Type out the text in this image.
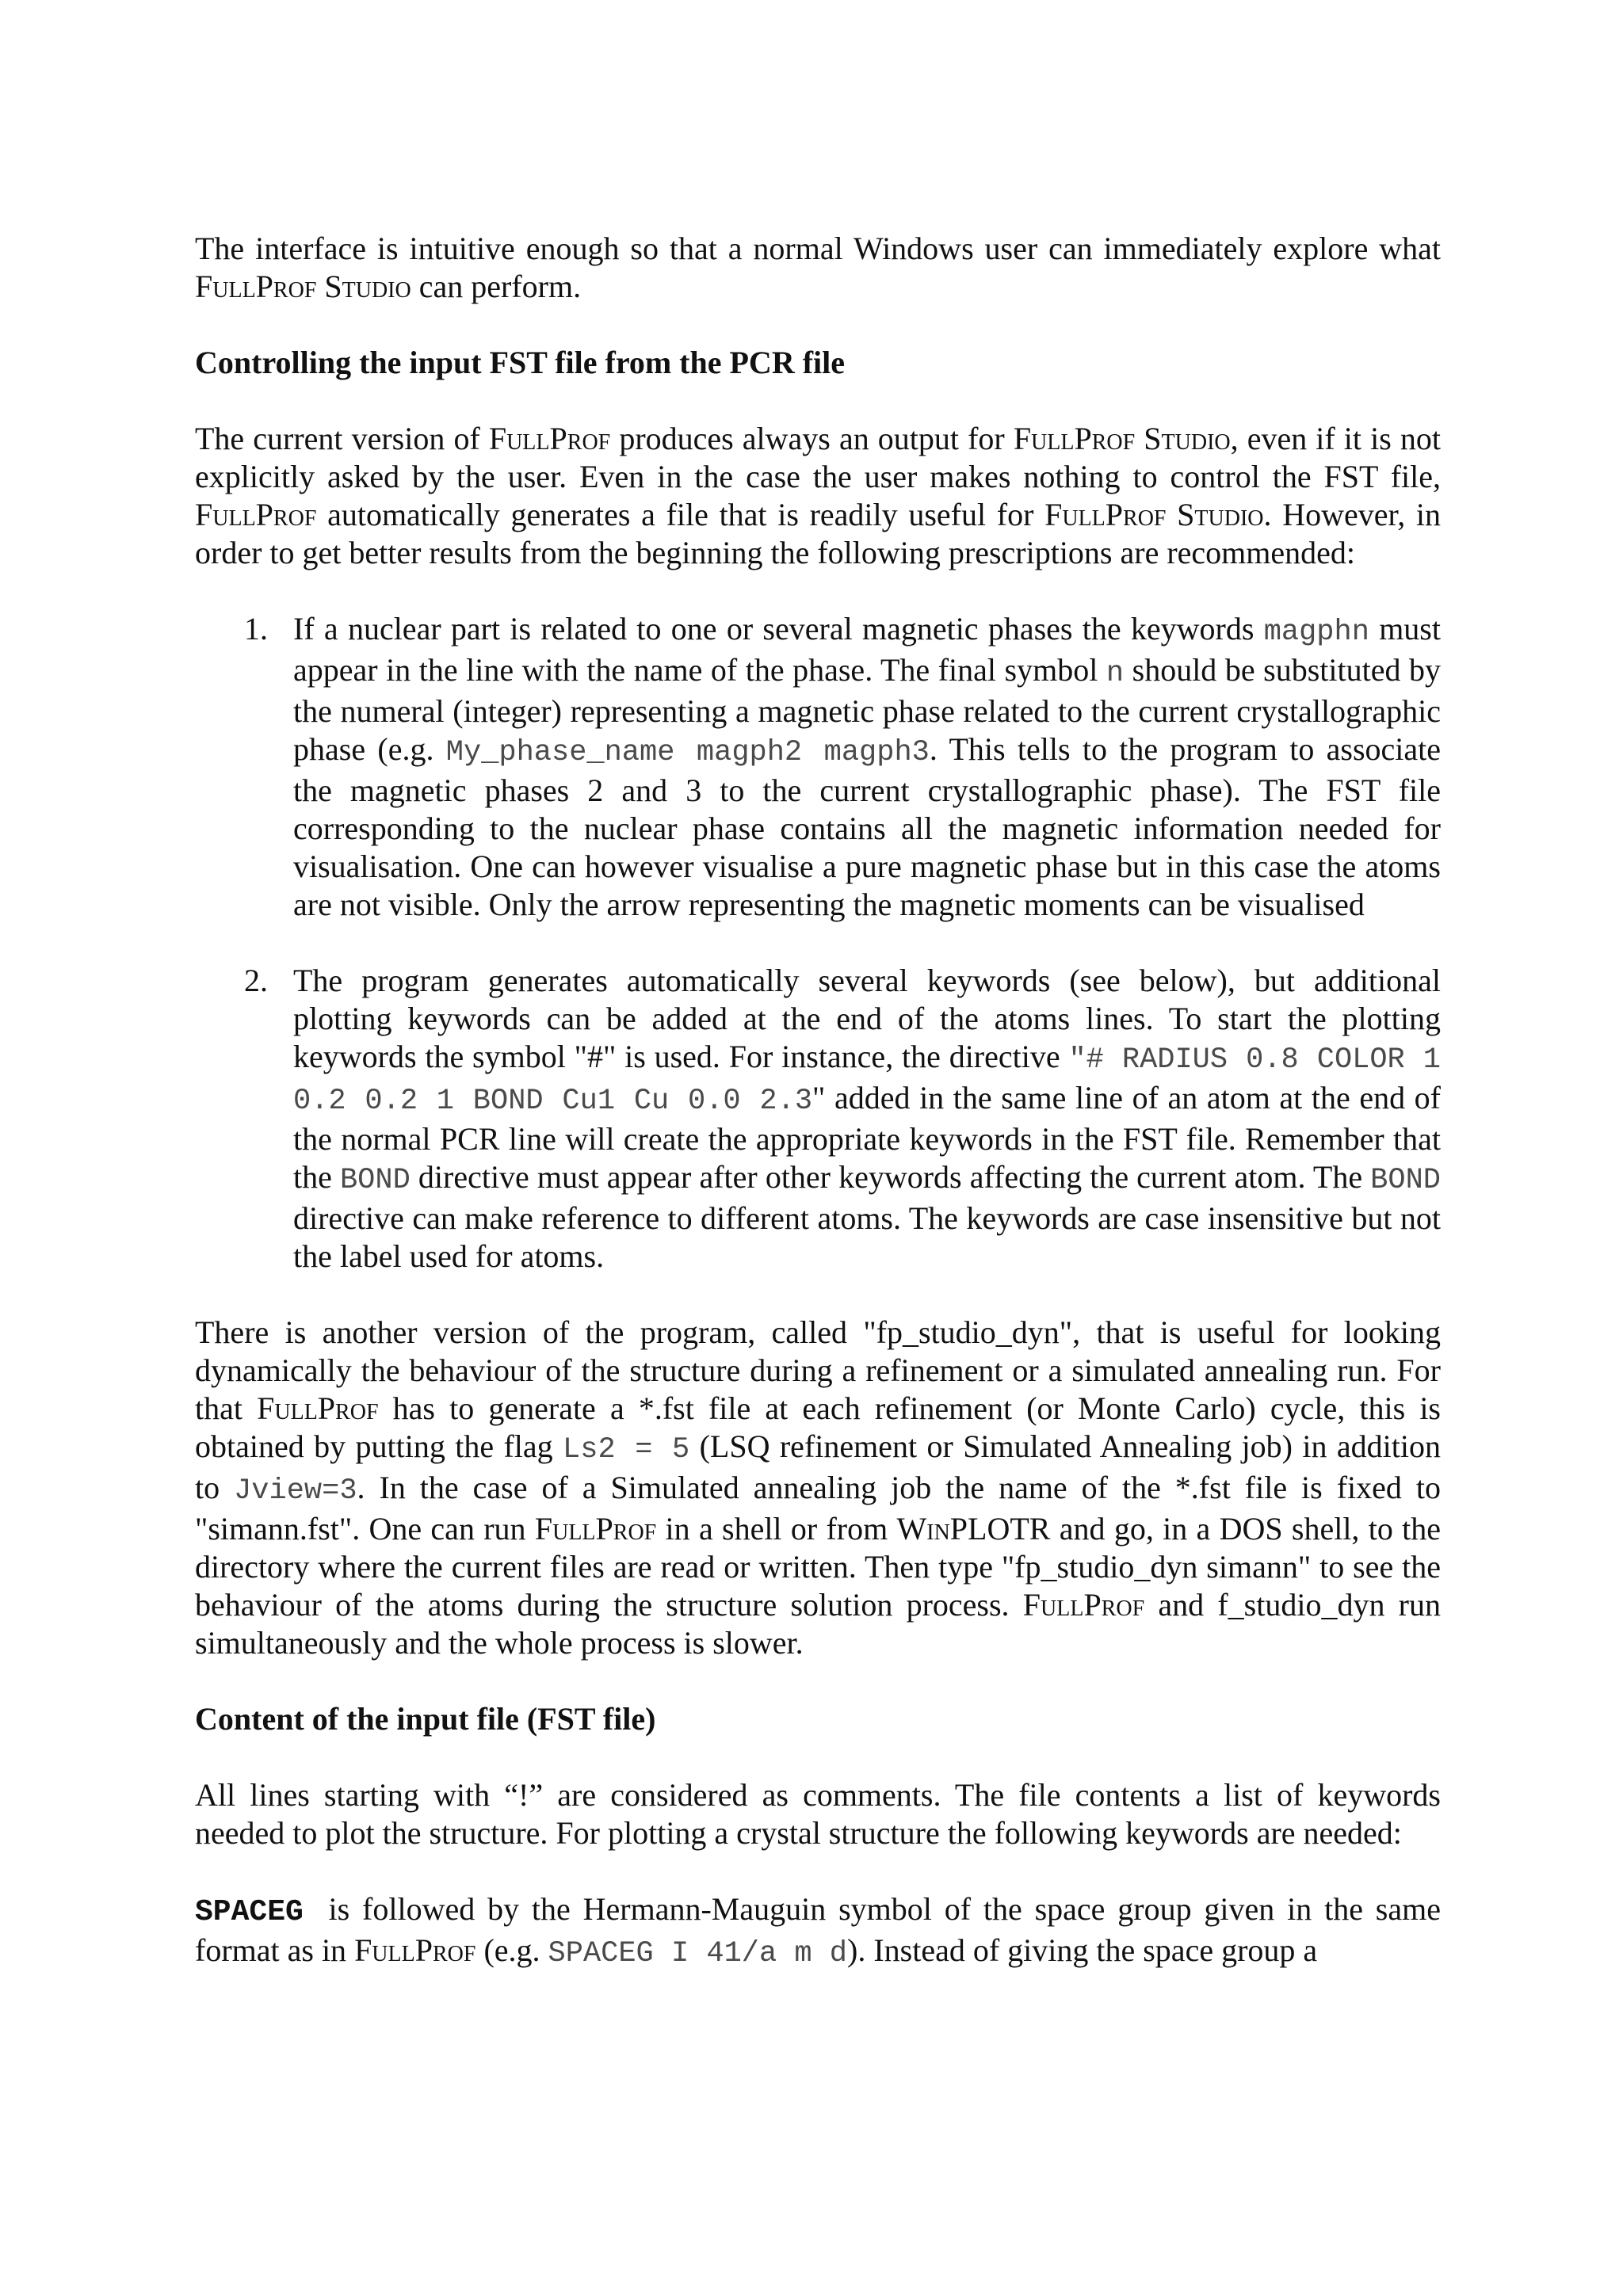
The interface is intuitive enough so that a normal Windows user can immediately explore what FullProf Studio can perform.

Controlling the input FST file from the PCR file

The current version of FullProf produces always an output for FullProf Studio, even if it is not explicitly asked by the user. Even in the case the user makes nothing to control the FST file, FullProf automatically generates a file that is readily useful for FullProf Studio. However, in order to get better results from the beginning the following prescriptions are recommended:

1. If a nuclear part is related to one or several magnetic phases the keywords magphn must appear in the line with the name of the phase. The final symbol n should be substituted by the numeral (integer) representing a magnetic phase related to the current crystallographic phase (e.g. My_phase_name magph2 magph3. This tells to the program to associate the magnetic phases 2 and 3 to the current crystallographic phase). The FST file corresponding to the nuclear phase contains all the magnetic information needed for visualisation. One can however visualise a pure magnetic phase but in this case the atoms are not visible. Only the arrow representing the magnetic moments can be visualised
2. The program generates automatically several keywords (see below), but additional plotting keywords can be added at the end of the atoms lines. To start the plotting keywords the symbol "#" is used. For instance, the directive "# RADIUS 0.8 COLOR 1 0.2 0.2 1 BOND Cu1 Cu 0.0 2.3" added in the same line of an atom at the end of the normal PCR line will create the appropriate keywords in the FST file. Remember that the BOND directive must appear after other keywords affecting the current atom. The BOND directive can make reference to different atoms. The keywords are case insensitive but not the label used for atoms.

There is another version of the program, called "fp_studio_dyn", that is useful for looking dynamically the behaviour of the structure during a refinement or a simulated annealing run. For that FullProf has to generate a *.fst file at each refinement (or Monte Carlo) cycle, this is obtained by putting the flag Ls2 = 5 (LSQ refinement or Simulated Annealing job) in addition to Jview=3. In the case of a Simulated annealing job the name of the *.fst file is fixed to "simann.fst". One can run FullProf in a shell or from WinPLOTR and go, in a DOS shell, to the directory where the current files are read or written. Then type "fp_studio_dyn simann" to see the behaviour of the atoms during the structure solution process. FullProf and f_studio_dyn run simultaneously and the whole process is slower.

Content of the input file (FST file)

All lines starting with “!” are considered as comments. The file contents a list of keywords needed to plot the structure. For plotting a crystal structure the following keywords are needed:

SPACEG  is followed by the Hermann-Mauguin symbol of the space group given in the same format as in FullProf (e.g. SPACEG I 41/a m d). Instead of giving the space group a
